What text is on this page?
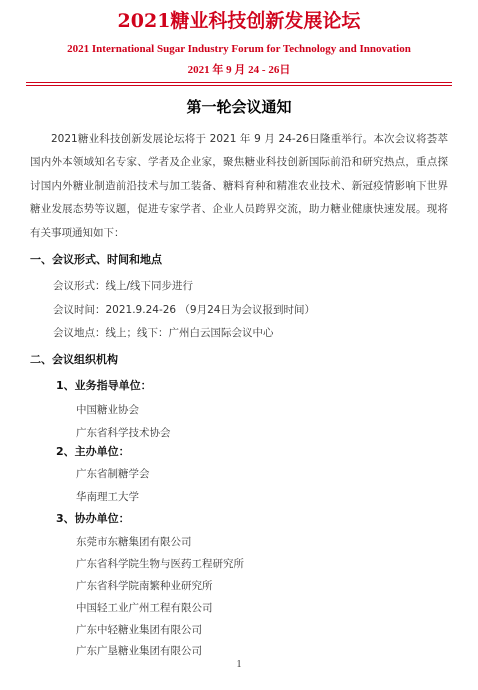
2021糖业科技创新发展论坛
2021 International Sugar Industry Forum for Technology and Innovation
2021 年 9 月 24 - 26日
第一轮会议通知

2021糖业科技创新发展论坛将于 2021 年 9 月 24-26日隆重举行。本次会议将荟萃国内外本领域知名专家、学者及企业家，聚焦糖业科技创新国际前沿和研究热点，重点探讨国内外糖业制造前沿技术与加工装备、糖料育种和精准农业技术、新冠疫情影响下世界糖业发展态势等议题，促进专家学者、企业人员跨界交流，助力糖业健康快速发展。现将有关事项通知如下：

一、会议形式、时间和地点
会议形式：线上/线下同步进行
会议时间：2021.9.24-26 （9月24日为会议报到时间）
会议地点：线上；线下：广州白云国际会议中心
二、会议组织机构
1、业务指导单位：
中国糖业协会
广东省科学技术协会
2、主办单位：
广东省制糖学会
华南理工大学
3、协办单位：
东莞市东糖集团有限公司
广东省科学院生物与医药工程研究所
广东省科学院南繁种业研究所
中国轻工业广州工程有限公司
广东中轻糖业集团有限公司
广东广垦糖业集团有限公司
1
